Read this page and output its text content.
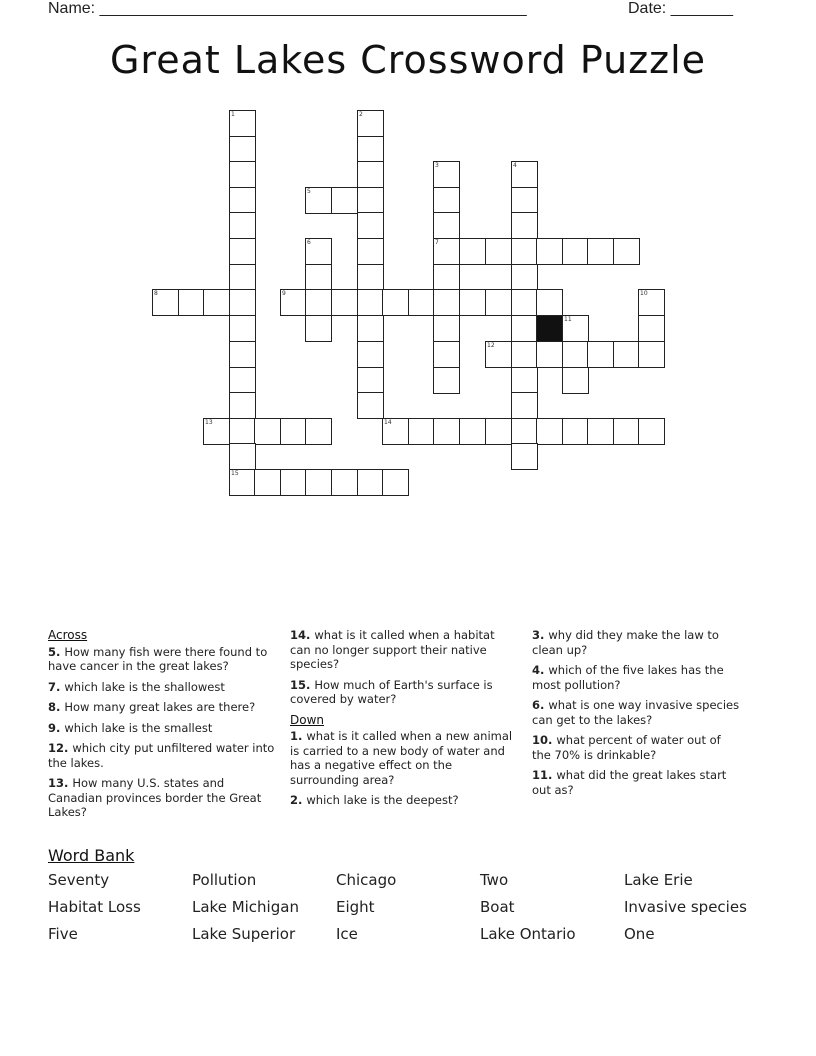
Name: ________________________________________________	Date: _______
Great Lakes Crossword Puzzle
1	2
3	4
5
6	7
8	9	10
11
12
13	14
15
Across
5. How many fish were there found to have cancer in the great lakes?
7. which lake is the shallowest
8. How many great lakes are there?
9. which lake is the smallest
12. which city put unfiltered water into the lakes.
13. How many U.S. states and Canadian provinces border the Great Lakes?
14. what is it called when a habitat can no longer support their native species?
15. How much of Earth's surface is covered by water?
Down
1. what is it called when a new animal is carried to a new body of water and has a negative effect on the surrounding area?
2. which lake is the deepest?
3. why did they make the law to clean up?
4. which of the five lakes has the most pollution?
6. what is one way invasive species can get to the lakes?
10. what percent of water out of the 70% is drinkable?
11. what did the great lakes start out as?
Word Bank
Seventy	Pollution	Chicago	Two	Lake Erie
Habitat Loss	Lake Michigan	Eight	Boat	Invasive species
Five	Lake Superior	Ice	Lake Ontario	One
